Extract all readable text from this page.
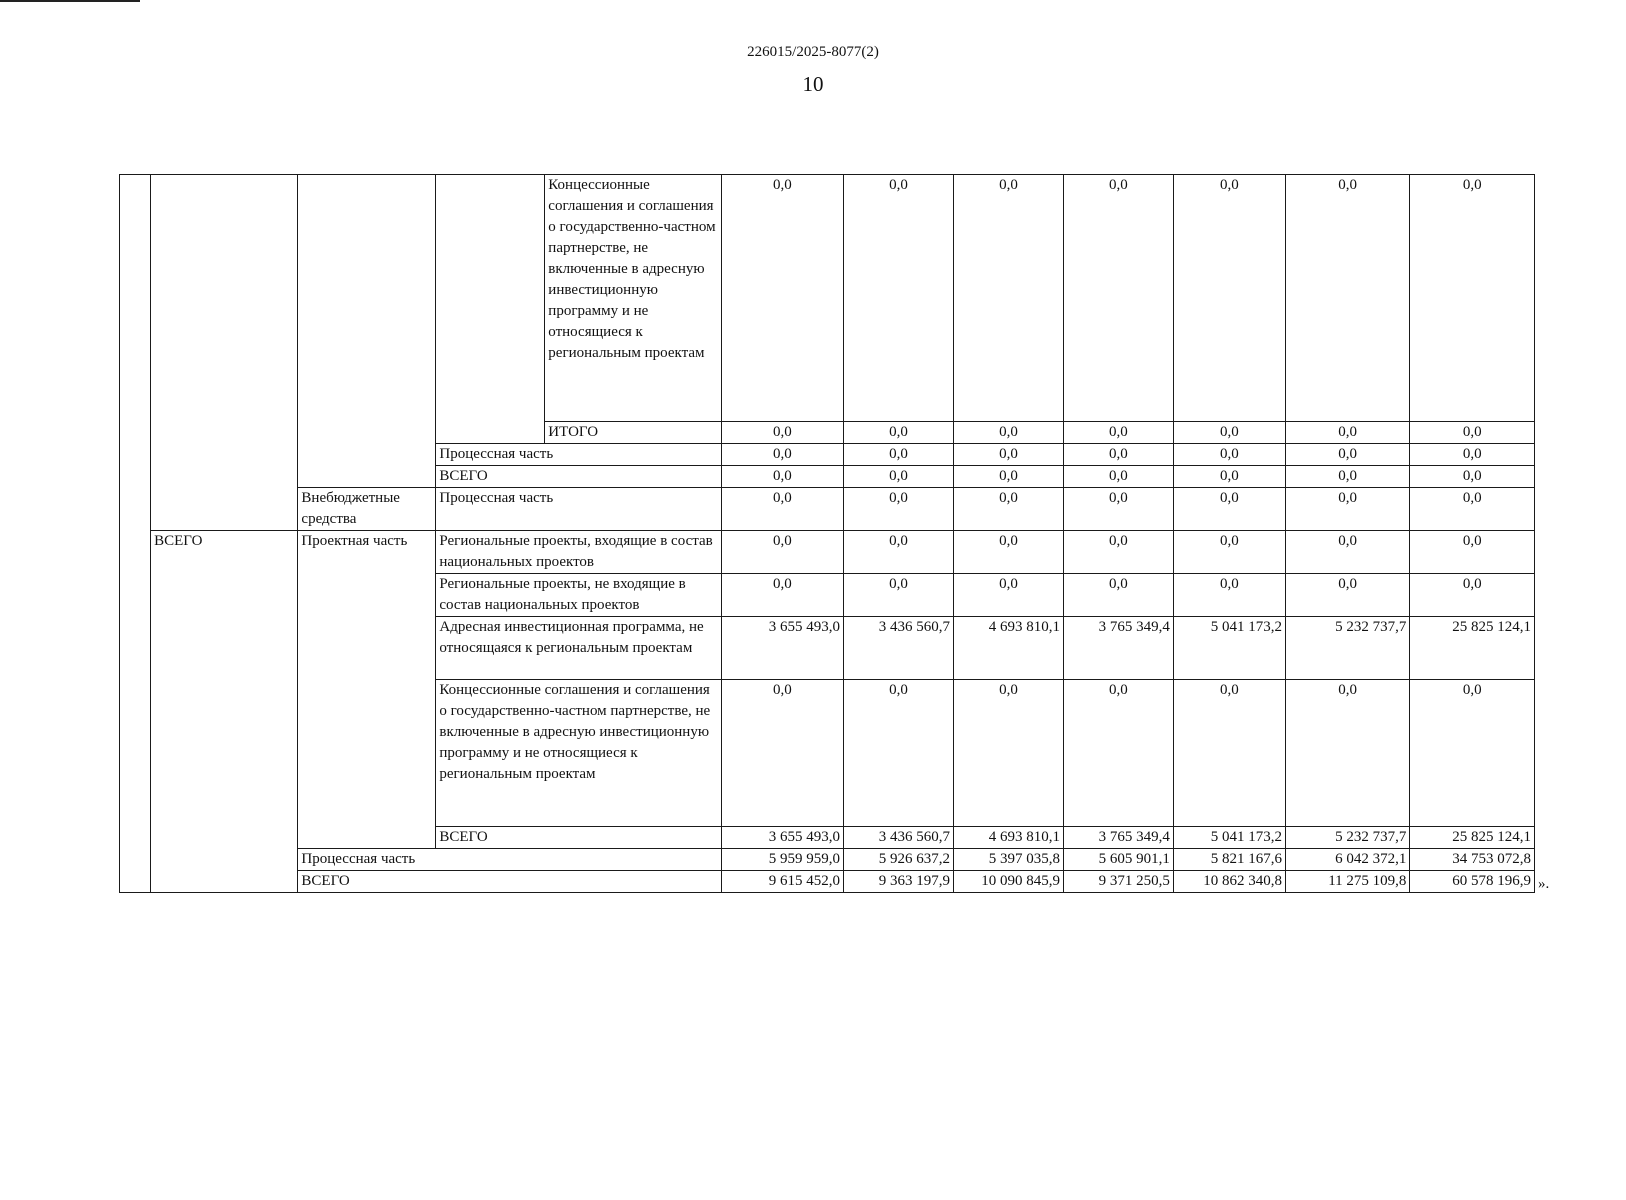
226015/2025-8077(2)
10
				Концессионные соглашения и соглашения о государственно-частном партнерстве, не включенные в адресную инвестиционную программу и не относящиеся к региональным проектам	0,0	0,0	0,0	0,0	0,0	0,0	0,0
				ИТОГО	0,0	0,0	0,0	0,0	0,0	0,0	0,0
			Процессная часть		0,0	0,0	0,0	0,0	0,0	0,0	0,0
			ВСЕГО		0,0	0,0	0,0	0,0	0,0	0,0	0,0
		Внебюджетные средства	Процессная часть		0,0	0,0	0,0	0,0	0,0	0,0	0,0
	ВСЕГО	Проектная часть	Региональные проекты, входящие в состав национальных проектов		0,0	0,0	0,0	0,0	0,0	0,0	0,0
			Региональные проекты, не входящие в состав национальных проектов		0,0	0,0	0,0	0,0	0,0	0,0	0,0
			Адресная инвестиционная программа, не относящаяся к региональным проектам		3 655 493,0	3 436 560,7	4 693 810,1	3 765 349,4	5 041 173,2	5 232 737,7	25 825 124,1
			Концессионные соглашения и соглашения о государственно-частном партнерстве, не включенные в адресную инвестиционную программу и не относящиеся к региональным проектам		0,0	0,0	0,0	0,0	0,0	0,0	0,0
			ВСЕГО		3 655 493,0	3 436 560,7	4 693 810,1	3 765 349,4	5 041 173,2	5 232 737,7	25 825 124,1
		Процессная часть			5 959 959,0	5 926 637,2	5 397 035,8	5 605 901,1	5 821 167,6	6 042 372,1	34 753 072,8
		ВСЕГО			9 615 452,0	9 363 197,9	10 090 845,9	9 371 250,5	10 862 340,8	11 275 109,8	60 578 196,9 ».
